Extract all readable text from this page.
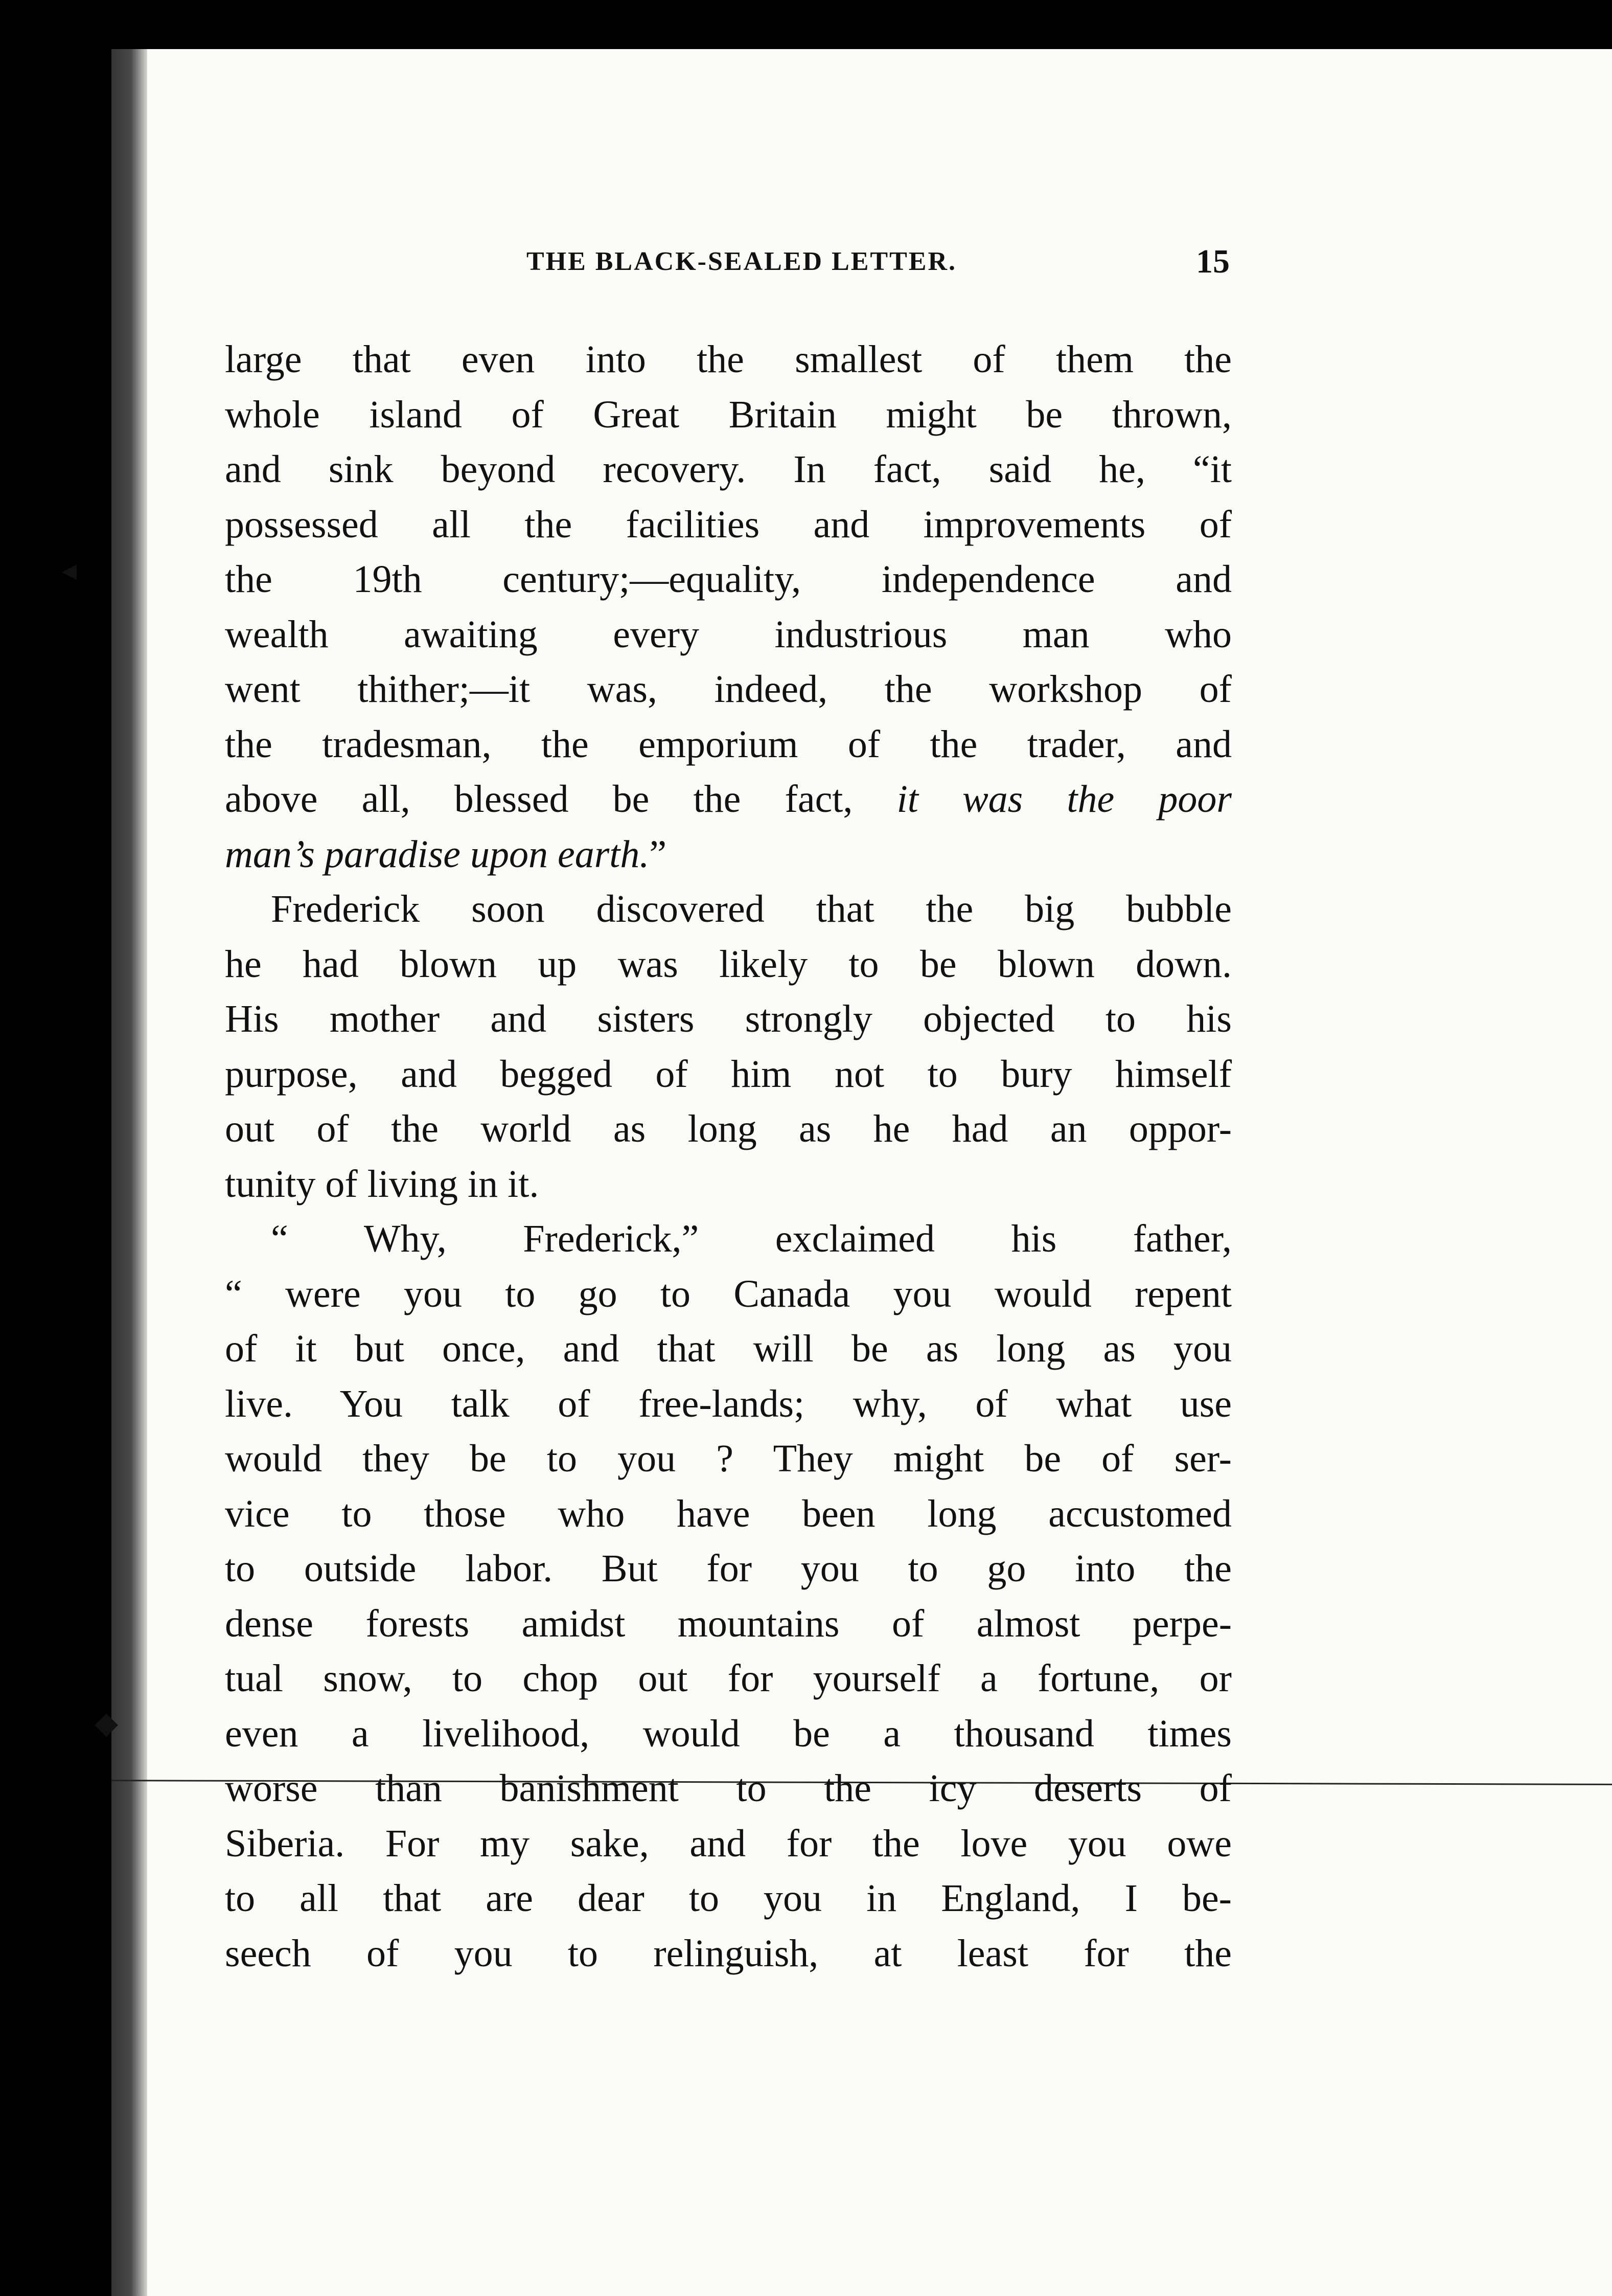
◂
◆
THE BLACK-SEALED LETTER.	15
large that even into the smallest of them the
whole island of Great Britain might be thrown,
and sink beyond recovery. In fact, said he, “it
possessed all the facilities and improvements of
the 19th century;—equality, independence and
wealth awaiting every industrious man who
went thither;—it was, indeed, the workshop of
the tradesman, the emporium of the trader, and
above all, blessed be the fact, it was the poor
man’s paradise upon earth.”
Frederick soon discovered that the big bubble
he had blown up was likely to be blown down.
His mother and sisters strongly objected to his
purpose, and begged of him not to bury himself
out of the world as long as he had an oppor-
tunity of living in it.
“ Why, Frederick,” exclaimed his father,
“ were you to go to Canada you would repent
of it but once, and that will be as long as you
live. You talk of free-lands; why, of what use
would they be to you ? They might be of ser-
vice to those who have been long accustomed
to outside labor. But for you to go into the
dense forests amidst mountains of almost perpe-
tual snow, to chop out for yourself a fortune, or
even a livelihood, would be a thousand times
worse than banishment to the icy deserts of
Siberia. For my sake, and for the love you owe
to all that are dear to you in England, I be-
seech of you to relinguish, at least for the
